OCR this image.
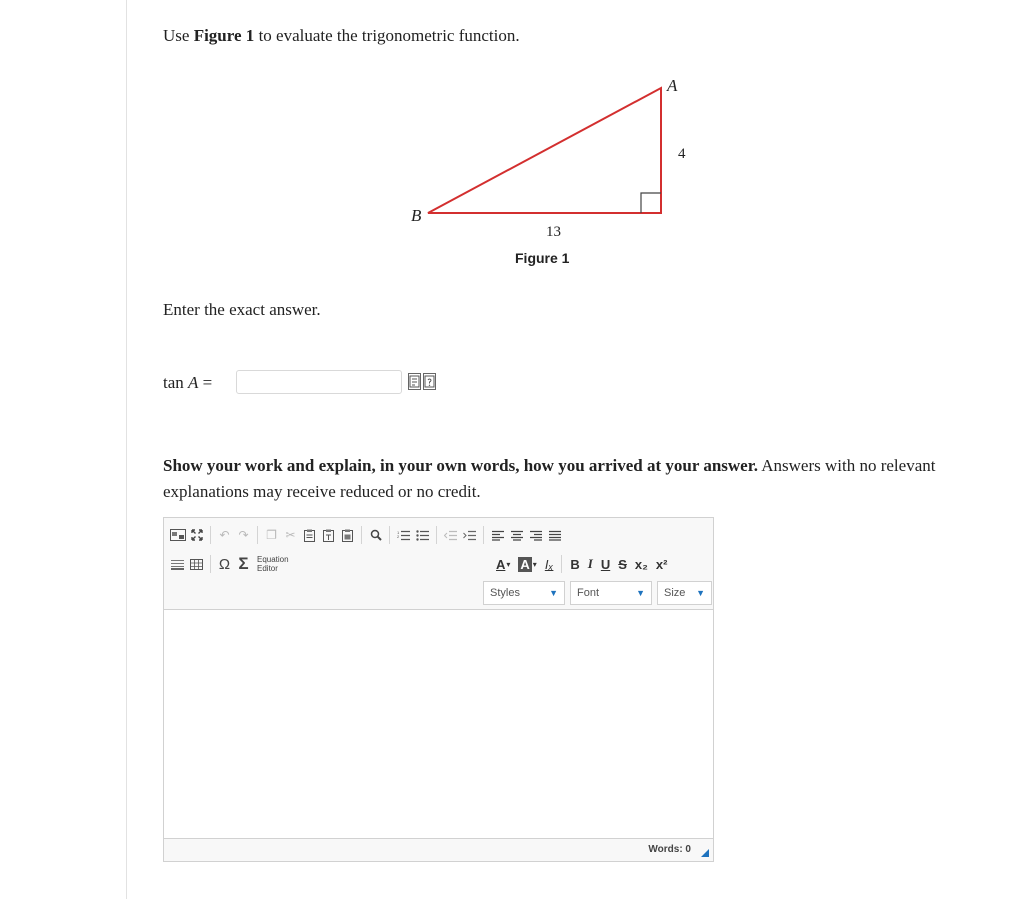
Use Figure 1 to evaluate the trigonometric function.
A
B
4
13
Figure 1
Enter the exact answer.
tan A =
Show your work and explain, in your own words, how you arrived at your answer. Answers with no relevant explanations may receive reduced or no credit.
↶ ↷	❐ ✂	1
2
Ω Σ	Equation
Editor	A ▾ A ▾ Iₓ	B I U S x₂ x²
Styles	▼ Font	▼ Size ▼
Words: 0
